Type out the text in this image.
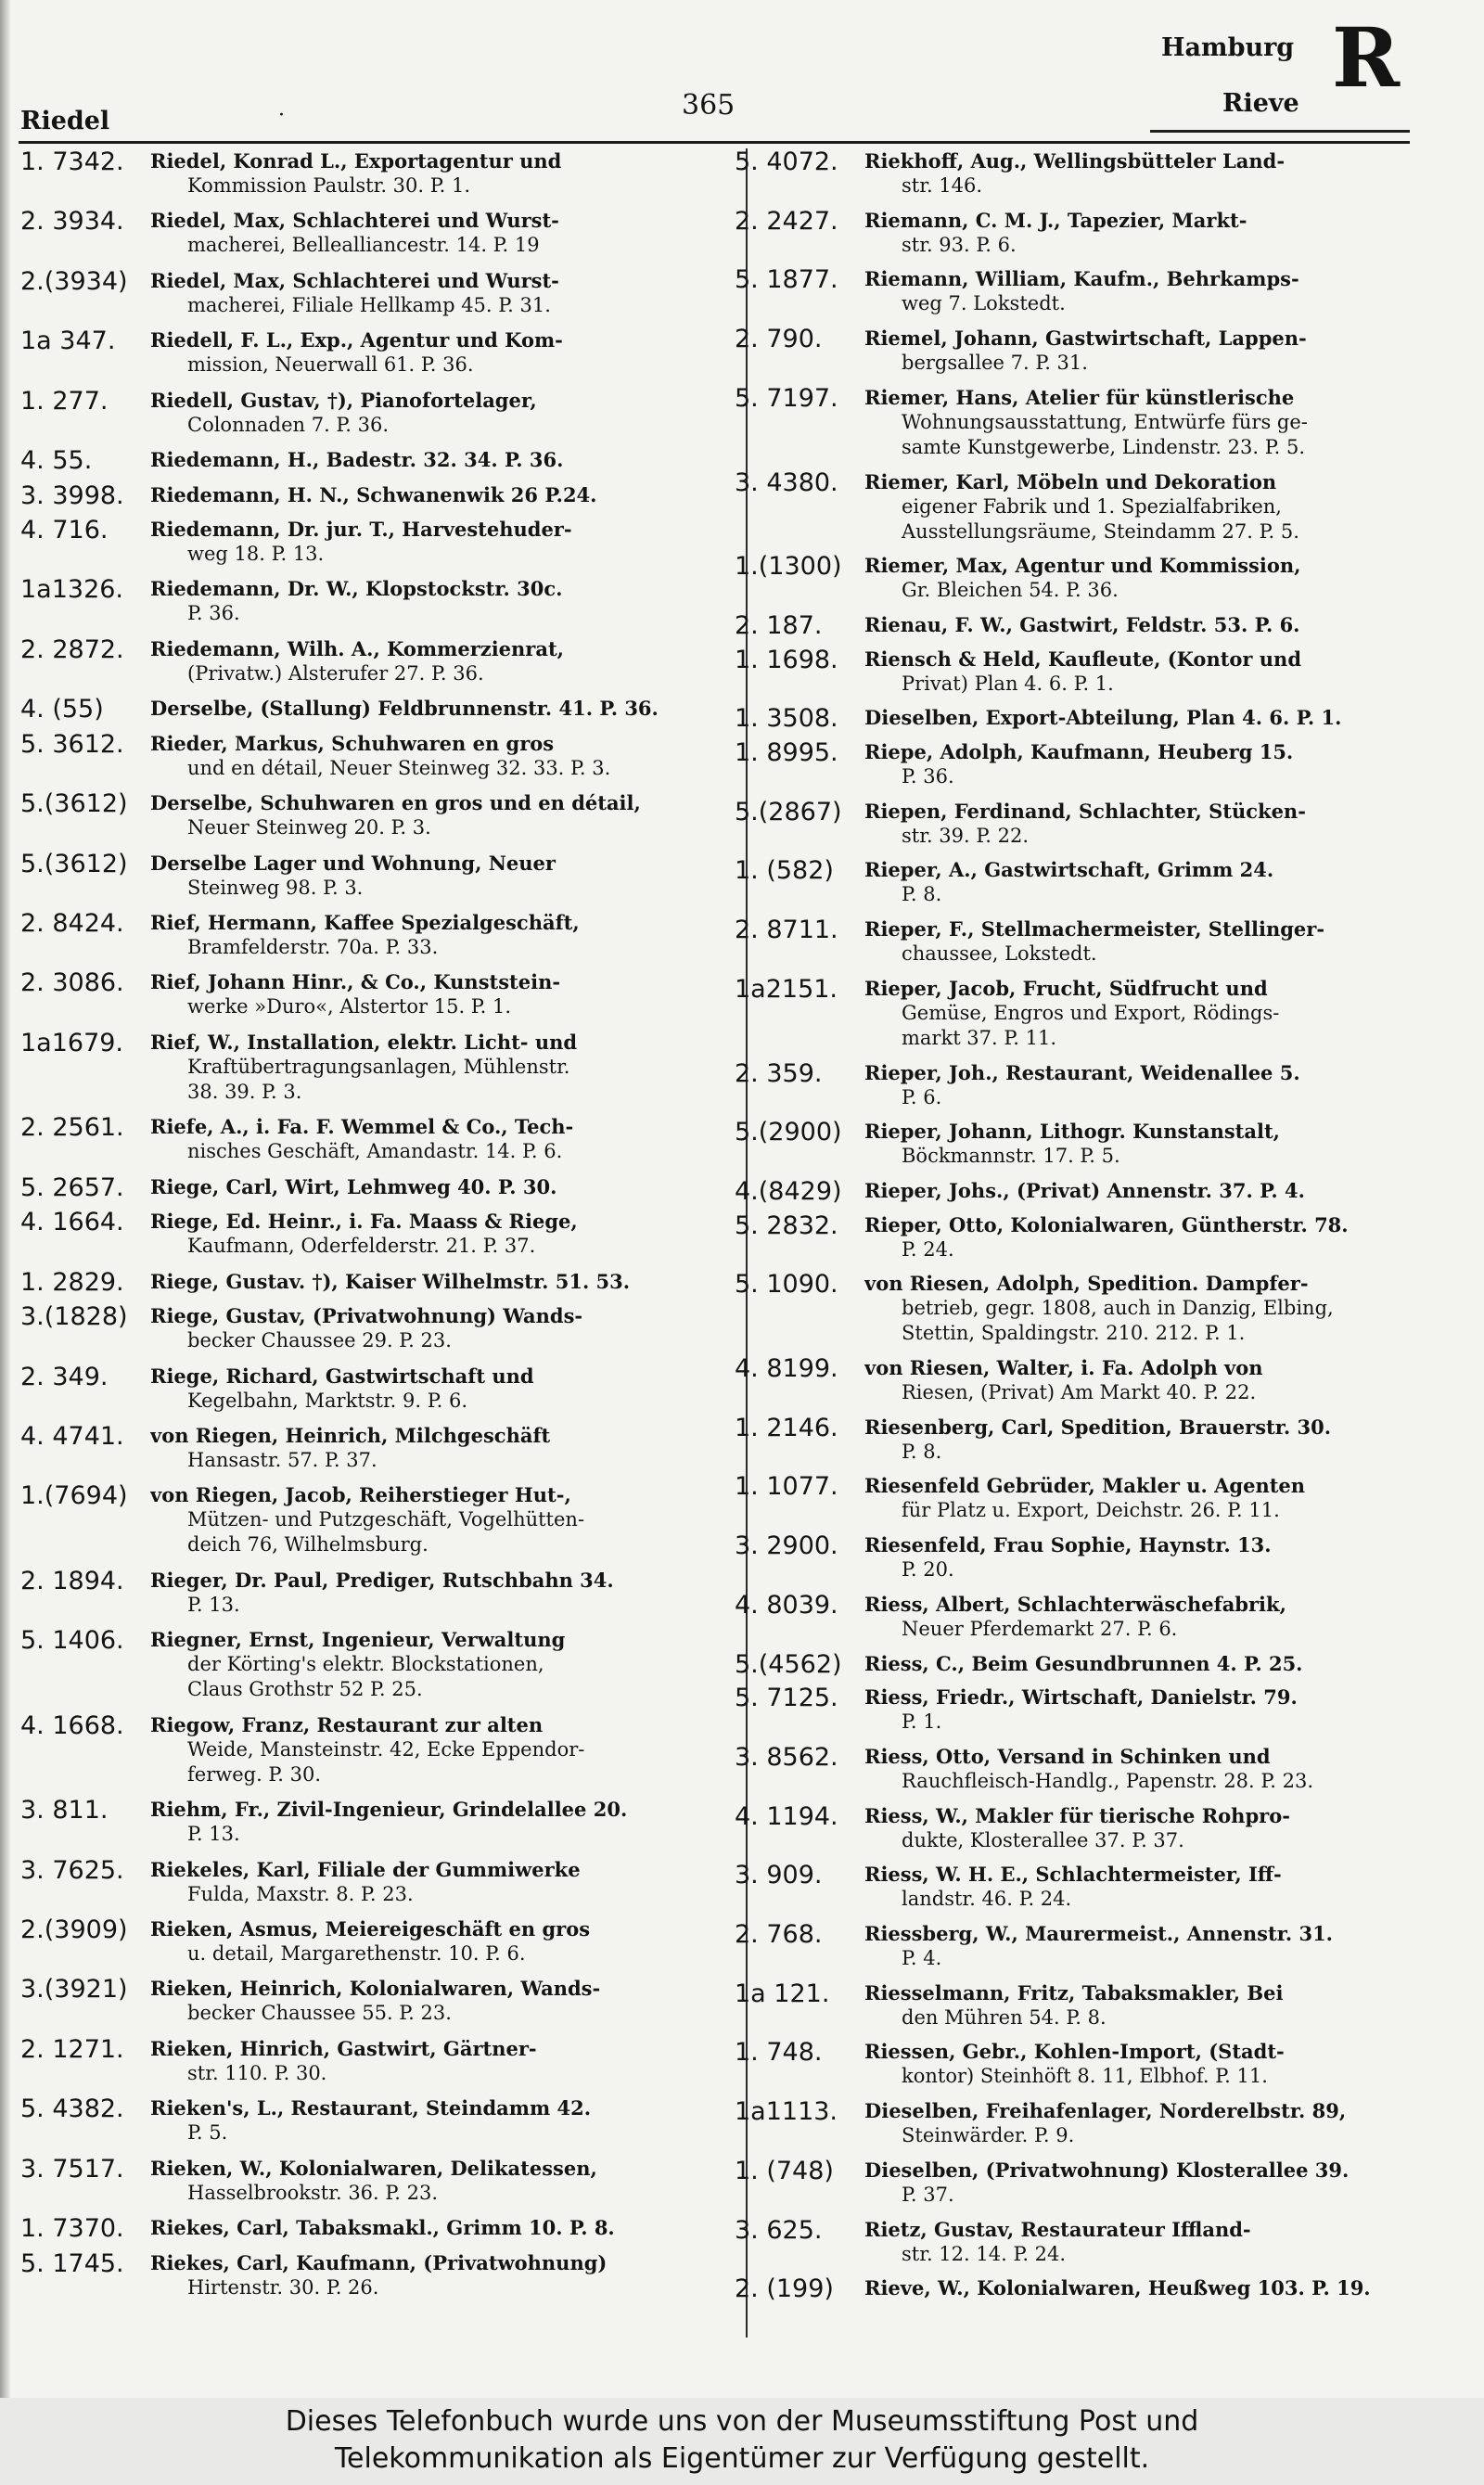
Riedel	·	365
Hamburg R
Rieve
1. 7342.	Riedel, Konrad L., Exportagentur und
Kommission Paulstr. 30. P. 1.
2. 3934.	Riedel, Max, Schlachterei und Wurst-
macherei, Bellealliancestr. 14. P. 19
2.(3934)	Riedel, Max, Schlachterei und Wurst-
macherei, Filiale Hellkamp 45. P. 31.
1a 347.	Riedell, F. L., Exp., Agentur und Kom-
mission, Neuerwall 61. P. 36.
1. 277.	Riedell, Gustav, †), Pianofortelager,
Colonnaden 7. P. 36.
4. 55.	Riedemann, H., Badestr. 32. 34. P. 36.
3. 3998.	Riedemann, H. N., Schwanenwik 26 P.24.
4. 716.	Riedemann, Dr. jur. T., Harvestehuder-
weg 18. P. 13.
1a1326.	Riedemann, Dr. W., Klopstockstr. 30c.
P. 36.
2. 2872.	Riedemann, Wilh. A., Kommerzienrat,
(Privatw.) Alsterufer 27. P. 36.
4. (55)	Derselbe, (Stallung) Feldbrunnenstr. 41. P. 36.
5. 3612.	Rieder, Markus, Schuhwaren en gros
und en détail, Neuer Steinweg 32. 33. P. 3.
5.(3612)	Derselbe, Schuhwaren en gros und en détail,
Neuer Steinweg 20. P. 3.
5.(3612)	Derselbe Lager und Wohnung, Neuer
Steinweg 98. P. 3.
2. 8424.	Rief, Hermann, Kaffee Spezialgeschäft,
Bramfelderstr. 70a. P. 33.
2. 3086.	Rief, Johann Hinr., & Co., Kunststein-
werke »Duro«, Alstertor 15. P. 1.
1a1679.	Rief, W., Installation, elektr. Licht- und
Kraftübertragungsanlagen, Mühlenstr.
38. 39. P. 3.
2. 2561.	Riefe, A., i. Fa. F. Wemmel & Co., Tech-
nisches Geschäft, Amandastr. 14. P. 6.
5. 2657.	Riege, Carl, Wirt, Lehmweg 40. P. 30.
4. 1664.	Riege, Ed. Heinr., i. Fa. Maass & Riege,
Kaufmann, Oderfelderstr. 21. P. 37.
1. 2829.	Riege, Gustav. †), Kaiser Wilhelmstr. 51. 53.
3.(1828)	Riege, Gustav, (Privatwohnung) Wands-
becker Chaussee 29. P. 23.
2. 349.	Riege, Richard, Gastwirtschaft und
Kegelbahn, Marktstr. 9. P. 6.
4. 4741.	von Riegen, Heinrich, Milchgeschäft
Hansastr. 57. P. 37.
1.(7694)	von Riegen, Jacob, Reiherstieger Hut-,
Mützen- und Putzgeschäft, Vogelhütten-
deich 76, Wilhelmsburg.
2. 1894.	Rieger, Dr. Paul, Prediger, Rutschbahn 34.
P. 13.
5. 1406.	Riegner, Ernst, Ingenieur, Verwaltung
der Körting's elektr. Blockstationen,
Claus Grothstr 52 P. 25.
4. 1668.	Riegow, Franz, Restaurant zur alten
Weide, Mansteinstr. 42, Ecke Eppendor-
ferweg. P. 30.
3. 811.	Riehm, Fr., Zivil-Ingenieur, Grindelallee 20.
P. 13.
3. 7625.	Riekeles, Karl, Filiale der Gummiwerke
Fulda, Maxstr. 8. P. 23.
2.(3909)	Rieken, Asmus, Meiereigeschäft en gros
u. detail, Margarethenstr. 10. P. 6.
3.(3921)	Rieken, Heinrich, Kolonialwaren, Wands-
becker Chaussee 55. P. 23.
2. 1271.	Rieken, Hinrich, Gastwirt, Gärtner-
str. 110. P. 30.
5. 4382.	Rieken's, L., Restaurant, Steindamm 42.
P. 5.
3. 7517.	Rieken, W., Kolonialwaren, Delikatessen,
Hasselbrookstr. 36. P. 23.
1. 7370.	Riekes, Carl, Tabaksmakl., Grimm 10. P. 8.
5. 1745.	Riekes, Carl, Kaufmann, (Privatwohnung)
Hirtenstr. 30. P. 26.
5. 4072.	Riekhoff, Aug., Wellingsbütteler Land-
str. 146.
2. 2427.	Riemann, C. M. J., Tapezier, Markt-
str. 93. P. 6.
5. 1877.	Riemann, William, Kaufm., Behrkamps-
weg 7. Lokstedt.
2. 790.	Riemel, Johann, Gastwirtschaft, Lappen-
bergsallee 7. P. 31.
5. 7197.	Riemer, Hans, Atelier für künstlerische
Wohnungsausstattung, Entwürfe fürs ge-
samte Kunstgewerbe, Lindenstr. 23. P. 5.
3. 4380.	Riemer, Karl, Möbeln und Dekoration
eigener Fabrik und 1. Spezialfabriken,
Ausstellungsräume, Steindamm 27. P. 5.
1.(1300)	Riemer, Max, Agentur und Kommission,
Gr. Bleichen 54. P. 36.
2. 187.	Rienau, F. W., Gastwirt, Feldstr. 53. P. 6.
1. 1698.	Riensch & Held, Kaufleute, (Kontor und
Privat) Plan 4. 6. P. 1.
1. 3508.	Dieselben, Export-Abteilung, Plan 4. 6. P. 1.
1. 8995.	Riepe, Adolph, Kaufmann, Heuberg 15.
P. 36.
5.(2867)	Riepen, Ferdinand, Schlachter, Stücken-
str. 39. P. 22.
1. (582)	Rieper, A., Gastwirtschaft, Grimm 24.
P. 8.
2. 8711.	Rieper, F., Stellmachermeister, Stellinger-
chaussee, Lokstedt.
1a2151.	Rieper, Jacob, Frucht, Südfrucht und
Gemüse, Engros und Export, Rödings-
markt 37. P. 11.
2. 359.	Rieper, Joh., Restaurant, Weidenallee 5.
P. 6.
5.(2900)	Rieper, Johann, Lithogr. Kunstanstalt,
Böckmannstr. 17. P. 5.
4.(8429)	Rieper, Johs., (Privat) Annenstr. 37. P. 4.
5. 2832.	Rieper, Otto, Kolonialwaren, Güntherstr. 78.
P. 24.
5. 1090.	von Riesen, Adolph, Spedition. Dampfer-
betrieb, gegr. 1808, auch in Danzig, Elbing,
Stettin, Spaldingstr. 210. 212. P. 1.
4. 8199.	von Riesen, Walter, i. Fa. Adolph von
Riesen, (Privat) Am Markt 40. P. 22.
1. 2146.	Riesenberg, Carl, Spedition, Brauerstr. 30.
P. 8.
1. 1077.	Riesenfeld Gebrüder, Makler u. Agenten
für Platz u. Export, Deichstr. 26. P. 11.
3. 2900.	Riesenfeld, Frau Sophie, Haynstr. 13.
P. 20.
4. 8039.	Riess, Albert, Schlachterwäschefabrik,
Neuer Pferdemarkt 27. P. 6.
5.(4562)	Riess, C., Beim Gesundbrunnen 4. P. 25.
5. 7125.	Riess, Friedr., Wirtschaft, Danielstr. 79.
P. 1.
3. 8562.	Riess, Otto, Versand in Schinken und
Rauchfleisch-Handlg., Papenstr. 28. P. 23.
4. 1194.	Riess, W., Makler für tierische Rohpro-
dukte, Klosterallee 37. P. 37.
3. 909.	Riess, W. H. E., Schlachtermeister, Iff-
landstr. 46. P. 24.
2. 768.	Riessberg, W., Maurermeist., Annenstr. 31.
P. 4.
1a 121.	Riesselmann, Fritz, Tabaksmakler, Bei
den Mühren 54. P. 8.
1. 748.	Riessen, Gebr., Kohlen-Import, (Stadt-
kontor) Steinhöft 8. 11, Elbhof. P. 11.
1a1113.	Dieselben, Freihafenlager, Norderelbstr. 89,
Steinwärder. P. 9.
1. (748)	Dieselben, (Privatwohnung) Klosterallee 39.
P. 37.
3. 625.	Rietz, Gustav, Restaurateur Iffland-
str. 12. 14. P. 24.
2. (199)	Rieve, W., Kolonialwaren, Heußweg 103. P. 19.
Dieses Telefonbuch wurde uns von der Museumsstiftung Post und
Telekommunikation als Eigentümer zur Verfügung gestellt.
